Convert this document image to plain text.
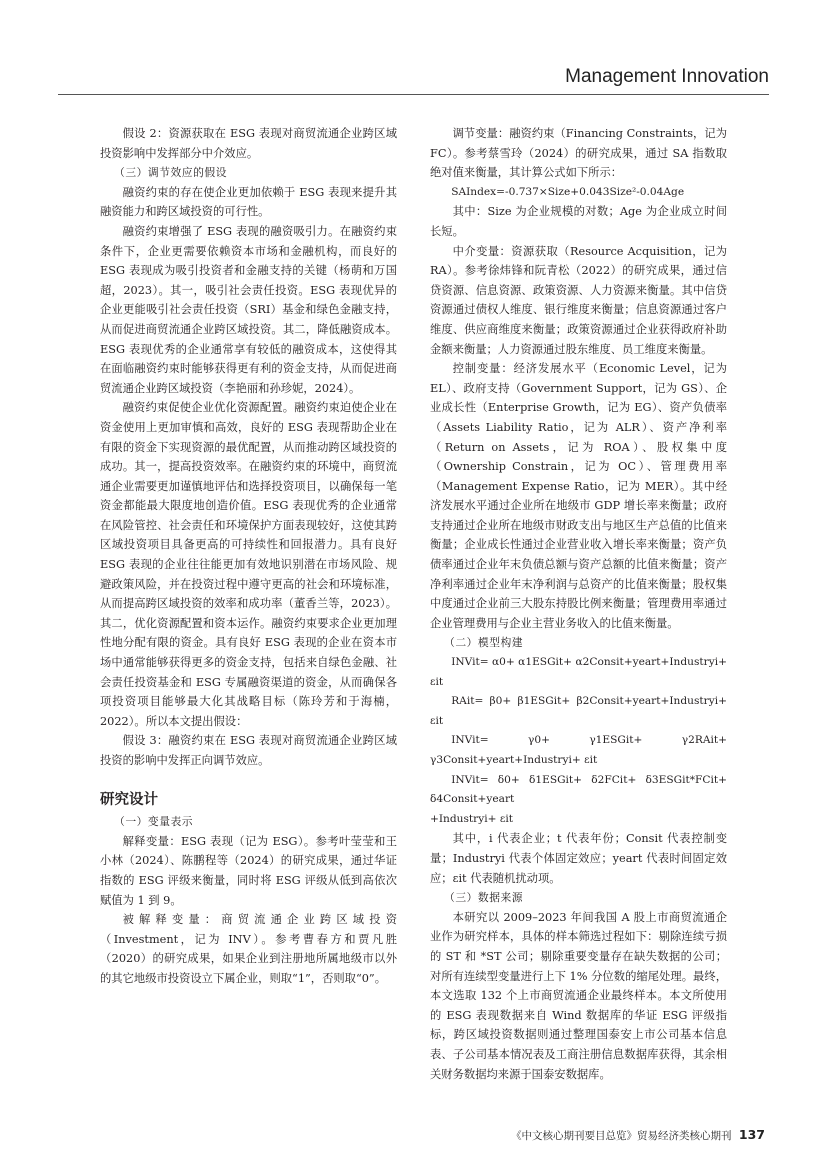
Management Innovation

假设 2：资源获取在 ESG 表现对商贸流通企业跨区域投资影响中发挥部分中介效应。

（三）调节效应的假设

融资约束的存在使企业更加依赖于 ESG 表现来提升其融资能力和跨区域投资的可行性。

融资约束增强了 ESG 表现的融资吸引力。在融资约束条件下，企业更需要依赖资本市场和金融机构，而良好的 ESG 表现成为吸引投资者和金融支持的关键（杨萌和万国超，2023）。其一，吸引社会责任投资。ESG 表现优异的企业更能吸引社会责任投资（SRI）基金和绿色金融支持，从而促进商贸流通企业跨区域投资。其二，降低融资成本。ESG 表现优秀的企业通常享有较低的融资成本，这使得其在面临融资约束时能够获得更有利的资金支持，从而促进商贸流通企业跨区域投资（李艳丽和孙珍妮，2024）。

融资约束促使企业优化资源配置。融资约束迫使企业在资金使用上更加审慎和高效，良好的 ESG 表现帮助企业在有限的资金下实现资源的最优配置，从而推动跨区域投资的成功。其一，提高投资效率。在融资约束的环境中，商贸流通企业需要更加谨慎地评估和选择投资项目，以确保每一笔资金都能最大限度地创造价值。ESG 表现优秀的企业通常在风险管控、社会责任和环境保护方面表现较好，这使其跨区域投资项目具备更高的可持续性和回报潜力。具有良好 ESG 表现的企业往往能更加有效地识别潜在市场风险、规避政策风险，并在投资过程中遵守更高的社会和环境标准，从而提高跨区域投资的效率和成功率（董香兰等，2023）。其二，优化资源配置和资本运作。融资约束要求企业更加理性地分配有限的资金。具有良好 ESG 表现的企业在资本市场中通常能够获得更多的资金支持，包括来自绿色金融、社会责任投资基金和 ESG 专属融资渠道的资金，从而确保各项投资项目能够最大化其战略目标（陈玲芳和于海楠，2022）。所以本文提出假设：

假设 3：融资约束在 ESG 表现对商贸流通企业跨区域投资的影响中发挥正向调节效应。

研究设计

（一）变量表示

解释变量：ESG 表现（记为 ESG）。参考叶莹莹和王小林（2024）、陈鹏程等（2024）的研究成果，通过华证指数的 ESG 评级来衡量，同时将 ESG 评级从低到高依次赋值为 1 到 9。

被解释变量：商贸流通企业跨区域投资（Investment，记为 INV）。参考曹春方和贾凡胜（2020）的研究成果，如果企业到注册地所属地级市以外的其它地级市投资设立下属企业，则取“1”，否则取“0”。

调节变量：融资约束（Financing Constraints，记为 FC）。参考蔡雪玲（2024）的研究成果，通过 SA 指数取绝对值来衡量，其计算公式如下所示：

SAIndex=-0.737×Size+0.043Size²-0.04Age

其中：Size 为企业规模的对数；Age 为企业成立时间长短。

中介变量：资源获取（Resource Acquisition，记为 RA）。参考徐炜锋和阮青松（2022）的研究成果，通过信贷资源、信息资源、政策资源、人力资源来衡量。其中信贷资源通过债权人维度、银行维度来衡量；信息资源通过客户维度、供应商维度来衡量；政策资源通过企业获得政府补助金额来衡量；人力资源通过股东维度、员工维度来衡量。

控制变量：经济发展水平（Economic Level，记为 EL）、政府支持（Government Support，记为 GS）、企业成长性（Enterprise Growth，记为 EG）、资产负债率（Assets Liability Ratio，记为 ALR）、资产净利率（Return on Assets，记为 ROA）、股权集中度（Ownership Constrain，记为 OC）、管理费用率（Management Expense Ratio，记为 MER）。其中经济发展水平通过企业所在地级市 GDP 增长率来衡量；政府支持通过企业所在地级市财政支出与地区生产总值的比值来衡量；企业成长性通过企业营业收入增长率来衡量；资产负债率通过企业年末负债总额与资产总额的比值来衡量；资产净利率通过企业年末净利润与总资产的比值来衡量；股权集中度通过企业前三大股东持股比例来衡量；管理费用率通过企业管理费用与企业主营业务收入的比值来衡量。

（二）模型构建

INVit= α0+ α1ESGit+ α2Consit+yeart+Industryi+ εit

RAit= β0+ β1ESGit+ β2Consit+yeart+Industryi+ εit

INVit= γ0+ γ1ESGit+ γ2RAit+ γ3Consit+yeart+Industryi+ εit

INVit= δ0+ δ1ESGit+ δ2FCit+ δ3ESGit*FCit+ δ4Consit+yeart

+Industryi+ εit

其中，i 代表企业；t 代表年份；Consit 代表控制变量；Industryi 代表个体固定效应；yeart 代表时间固定效应；εit 代表随机扰动项。

（三）数据来源

本研究以 2009–2023 年间我国 A 股上市商贸流通企业作为研究样本，具体的样本筛选过程如下：剔除连续亏损的 ST 和 *ST 公司；剔除重要变量存在缺失数据的公司；对所有连续型变量进行上下 1% 分位数的缩尾处理。最终，本文选取 132 个上市商贸流通企业最终样本。本文所使用的 ESG 表现数据来自 Wind 数据库的华证 ESG 评级指标，跨区域投资数据则通过整理国泰安上市公司基本信息表、子公司基本情况表及工商注册信息数据库获得，其余相关财务数据均来源于国泰安数据库。

《中文核心期刊要目总览》贸易经济类核心期刊 137
